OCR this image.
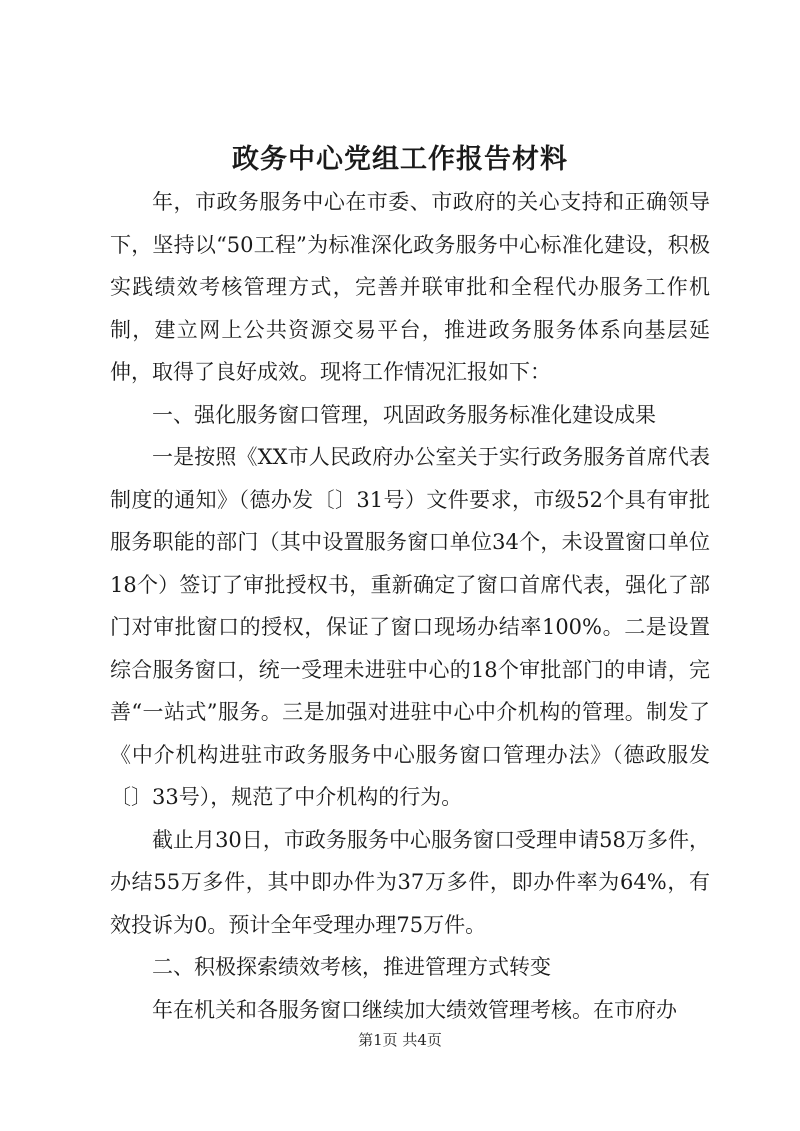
政务中心党组工作报告材料

年，市政务服务中心在市委、市政府的关心支持和正确领导下，坚持以“50工程”为标准深化政务服务中心标准化建设，积极实践绩效考核管理方式，完善并联审批和全程代办服务工作机制，建立网上公共资源交易平台，推进政务服务体系向基层延伸，取得了良好成效。现将工作情况汇报如下：

一、强化服务窗口管理，巩固政务服务标准化建设成果

一是按照《XX市人民政府办公室关于实行政务服务首席代表制度的通知》（德办发〔〕31号）文件要求，市级52个具有审批服务职能的部门（其中设置服务窗口单位34个，未设置窗口单位18个）签订了审批授权书，重新确定了窗口首席代表，强化了部门对审批窗口的授权，保证了窗口现场办结率100%。二是设置综合服务窗口，统一受理未进驻中心的18个审批部门的申请，完善“一站式”服务。三是加强对进驻中心中介机构的管理。制发了《中介机构进驻市政务服务中心服务窗口管理办法》（德政服发〔〕33号），规范了中介机构的行为。

截止月30日，市政务服务中心服务窗口受理申请58万多件，办结55万多件，其中即办件为37万多件，即办件率为64%，有效投诉为0。预计全年受理办理75万件。

二、积极探索绩效考核，推进管理方式转变

年在机关和各服务窗口继续加大绩效管理考核。在市府办

第1页 共4页
